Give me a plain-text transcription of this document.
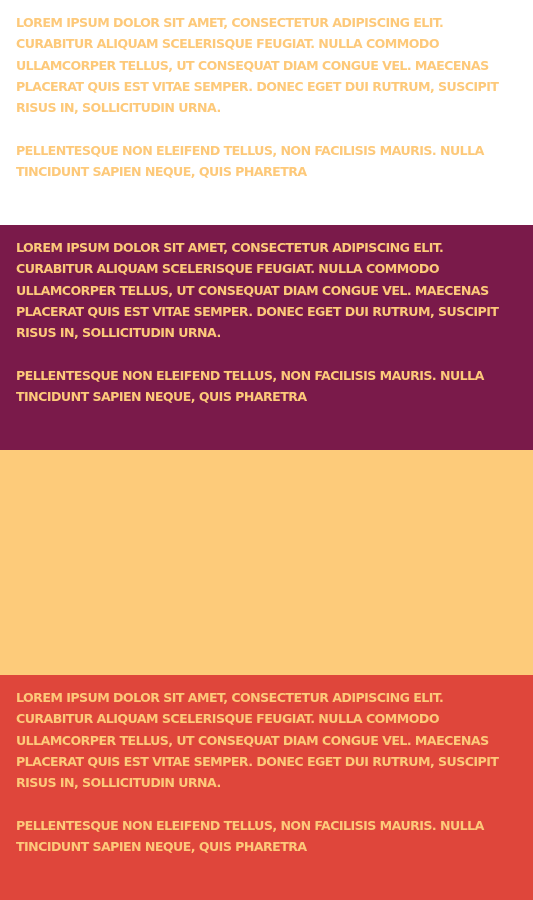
LOREM IPSUM DOLOR SIT AMET, CONSECTETUR ADIPISCING ELIT. CURABITUR ALIQUAM SCELERISQUE FEUGIAT. NULLA COMMODO ULLAMCORPER TELLUS, UT CONSEQUAT DIAM CONGUE VEL. MAECENAS PLACERAT QUIS EST VITAE SEMPER. DONEC EGET DUI RUTRUM, SUSCIPIT RISUS IN, SOLLICITUDIN URNA.

PELLENTESQUE NON ELEIFEND TELLUS, NON FACILISIS MAURIS. NULLA TINCIDUNT SAPIEN NEQUE, QUIS PHARETRA

LOREM IPSUM DOLOR SIT AMET, CONSECTETUR ADIPISCING ELIT. CURABITUR ALIQUAM SCELERISQUE FEUGIAT. NULLA COMMODO ULLAMCORPER TELLUS, UT CONSEQUAT DIAM CONGUE VEL. MAECENAS PLACERAT QUIS EST VITAE SEMPER. DONEC EGET DUI RUTRUM, SUSCIPIT RISUS IN, SOLLICITUDIN URNA.

PELLENTESQUE NON ELEIFEND TELLUS, NON FACILISIS MAURIS. NULLA TINCIDUNT SAPIEN NEQUE, QUIS PHARETRA

LOREM IPSUM DOLOR SIT AMET, CONSECTETUR ADIPISCING ELIT. CURABITUR ALIQUAM SCELERISQUE FEUGIAT. NULLA COMMODO ULLAMCORPER TELLUS, UT CONSEQUAT DIAM CONGUE VEL. MAECENAS PLACERAT QUIS EST VITAE SEMPER. DONEC EGET DUI RUTRUM, SUSCIPIT RISUS IN, SOLLICITUDIN URNA.

PELLENTESQUE NON ELEIFEND TELLUS, NON FACILISIS MAURIS. NULLA TINCIDUNT SAPIEN NEQUE, QUIS PHARETRA
